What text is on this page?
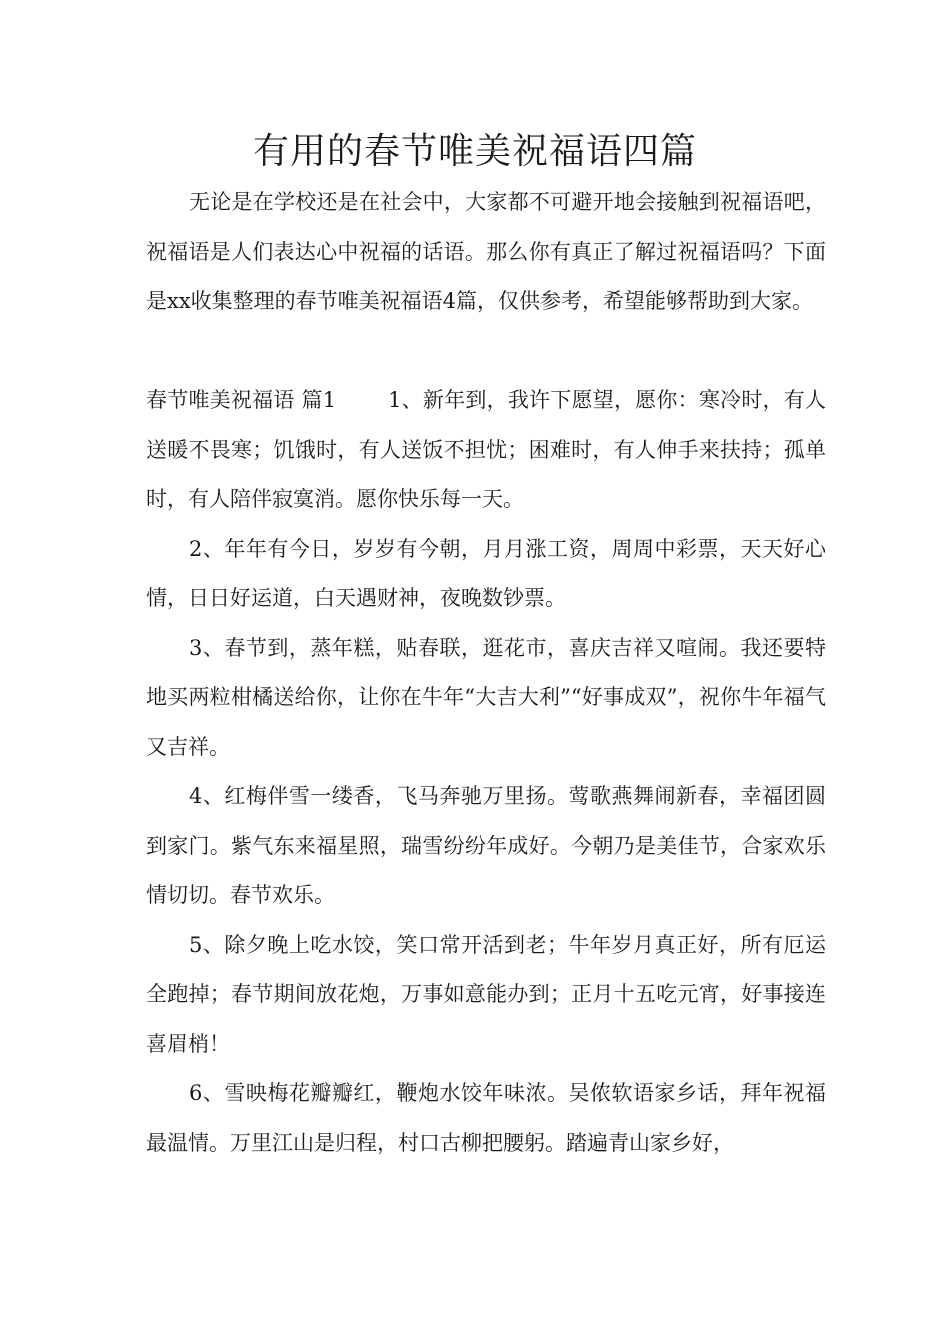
有用的春节唯美祝福语四篇

无论是在学校还是在社会中，大家都不可避开地会接触到祝福语吧，祝福语是人们表达心中祝福的话语。那么你有真正了解过祝福语吗？下面是xx收集整理的春节唯美祝福语4篇，仅供参考，希望能够帮助到大家。

春节唯美祝福语 篇1 1、新年到，我许下愿望，愿你：寒冷时，有人送暖不畏寒；饥饿时，有人送饭不担忧；困难时，有人伸手来扶持；孤单时，有人陪伴寂寞消。愿你快乐每一天。

2、年年有今日，岁岁有今朝，月月涨工资，周周中彩票，天天好心情，日日好运道，白天遇财神，夜晚数钞票。

3、春节到，蒸年糕，贴春联，逛花市，喜庆吉祥又喧闹。我还要特地买两粒柑橘送给你，让你在牛年“大吉大利”“好事成双”，祝你牛年福气又吉祥。

4、红梅伴雪一缕香，飞马奔驰万里扬。莺歌燕舞闹新春，幸福团圆到家门。紫气东来福星照，瑞雪纷纷年成好。今朝乃是美佳节，合家欢乐情切切。春节欢乐。

5、除夕晚上吃水饺，笑口常开活到老；牛年岁月真正好，所有厄运全跑掉；春节期间放花炮，万事如意能办到；正月十五吃元宵，好事接连喜眉梢！

6、雪映梅花瓣瓣红，鞭炮水饺年味浓。吴侬软语家乡话，拜年祝福最温情。万里江山是归程，村口古柳把腰躬。踏遍青山家乡好，
